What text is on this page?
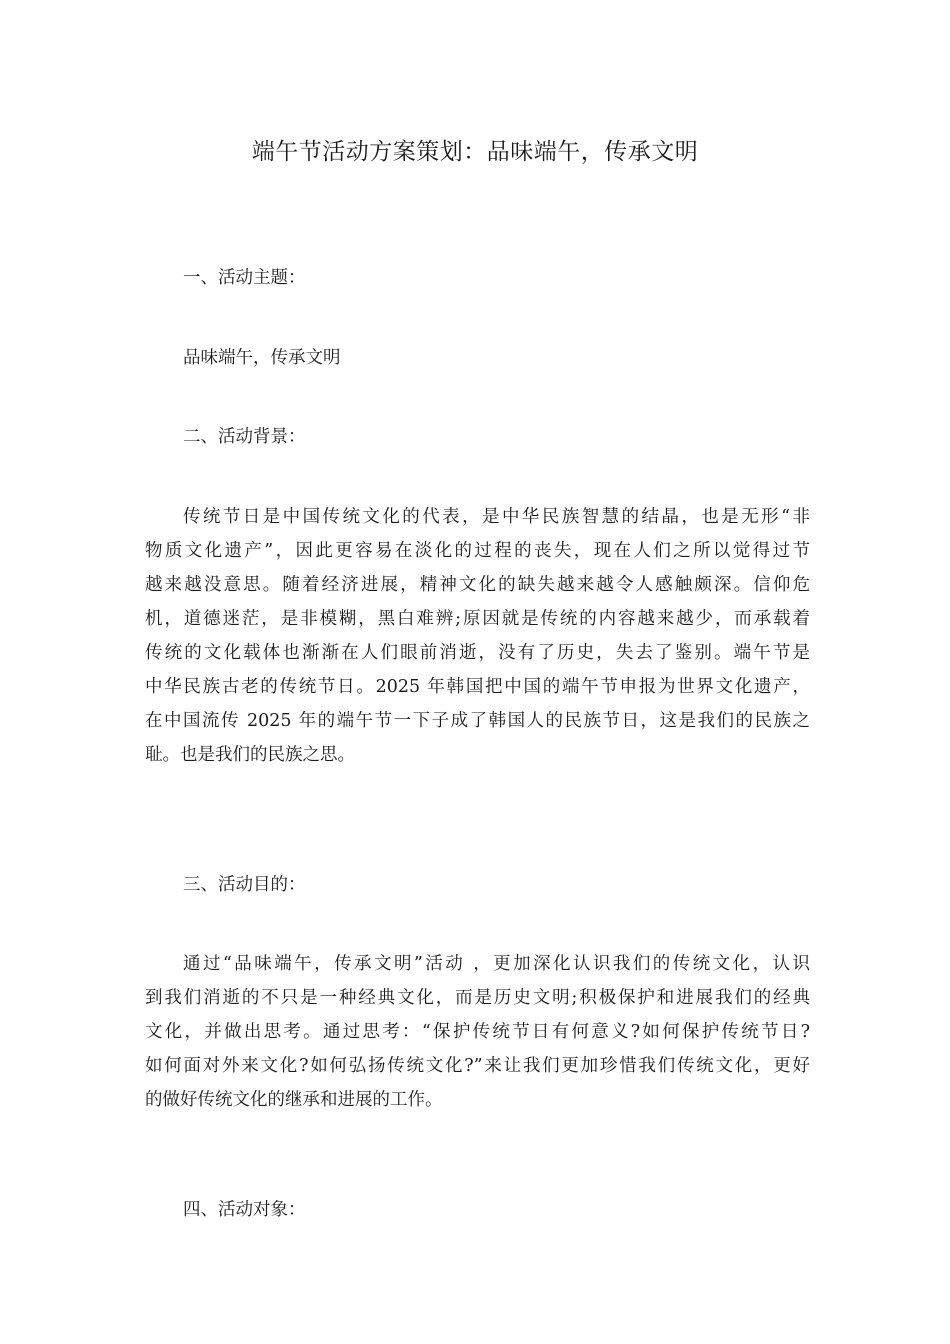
端午节活动方案策划：品味端午，传承文明
一、活动主题：
品味端午，传承文明
二、活动背景：
传统节日是中国传统文化的代表，是中华民族智慧的结晶，也是无形“非
物质文化遗产”，因此更容易在淡化的过程的丧失，现在人们之所以觉得过节
越来越没意思。随着经济进展，精神文化的缺失越来越令人感触颇深。信仰危
机，道德迷茫，是非模糊，黑白难辨;原因就是传统的内容越来越少，而承载着
传统的文化载体也渐渐在人们眼前消逝，没有了历史，失去了鉴别。端午节是
中华民族古老的传统节日。2025 年韩国把中国的端午节申报为世界文化遗产，
在中国流传 2025 年的端午节一下子成了韩国人的民族节日，这是我们的民族之
耻。也是我们的民族之思。
三、活动目的：
通过“品味端午，传承文明”活动 ，更加深化认识我们的传统文化，认识
到我们消逝的不只是一种经典文化，而是历史文明;积极保护和进展我们的经典
文化，并做出思考。通过思考：“保护传统节日有何意义?如何保护传统节日?
如何面对外来文化?如何弘扬传统文化?”来让我们更加珍惜我们传统文化，更好
的做好传统文化的继承和进展的工作。
四、活动对象：
